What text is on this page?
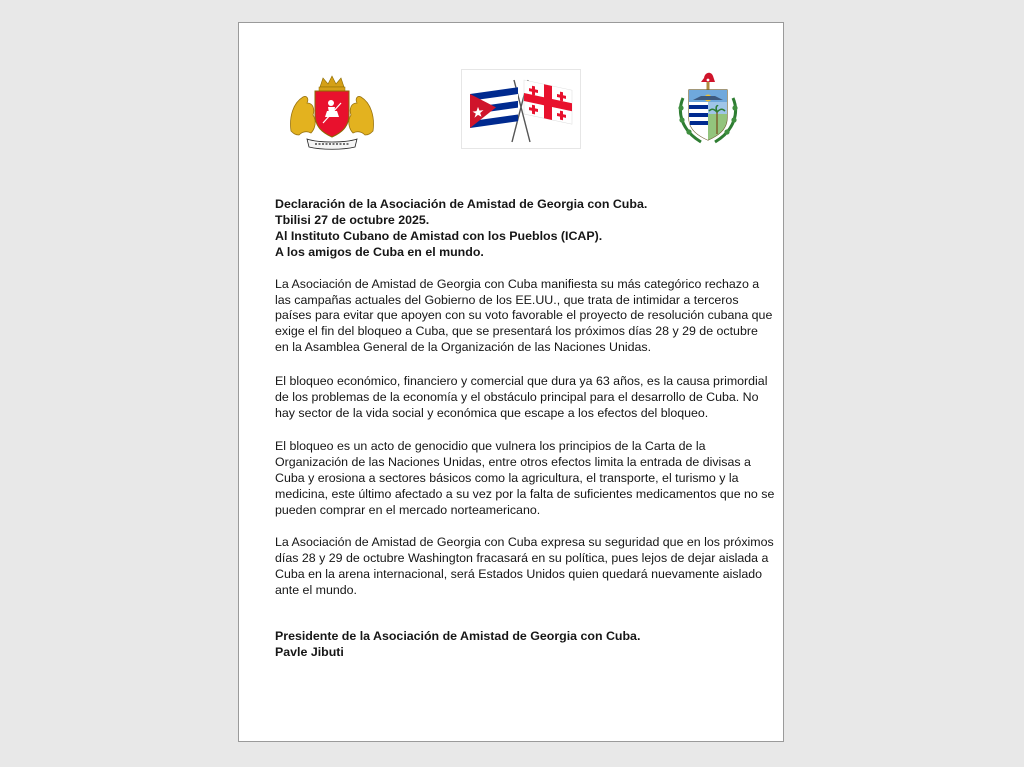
Declaración de la Asociación de Amistad de Georgia con Cuba.

Tbilisi 27 de octubre 2025.

Al Instituto Cubano de Amistad con los Pueblos (ICAP).

A los amigos de Cuba en el mundo.

La Asociación de Amistad de Georgia con Cuba manifiesta su más categórico rechazo a las campañas actuales del Gobierno de los EE.UU., que trata de intimidar a terceros países para evitar que apoyen con su voto favorable el proyecto de resolución cubana que exige el fin del bloqueo a Cuba, que se presentará los próximos días 28 y 29 de octubre en la Asamblea General de la Organización de las Naciones Unidas.

El bloqueo económico, financiero y comercial que dura ya 63 años, es la causa primordial de los problemas de la economía y el obstáculo principal para el desarrollo de Cuba. No hay sector de la vida social y económica que escape a los efectos del bloqueo.

El bloqueo es un acto de genocidio que vulnera los principios de la Carta de la Organización de las Naciones Unidas, entre otros efectos limita la entrada de divisas a Cuba y erosiona a sectores básicos como la agricultura, el transporte, el turismo y la medicina, este último afectado a su vez por la falta de suficientes medicamentos que no se pueden comprar en el mercado norteamericano.

La Asociación de Amistad de Georgia con Cuba expresa su seguridad que en los próximos días 28 y 29 de octubre Washington fracasará en su política, pues lejos de dejar aislada a Cuba en la arena internacional, será Estados Unidos quien quedará nuevamente aislado ante el mundo.

Presidente de la Asociación de Amistad de Georgia con Cuba.

Pavle Jibuti
